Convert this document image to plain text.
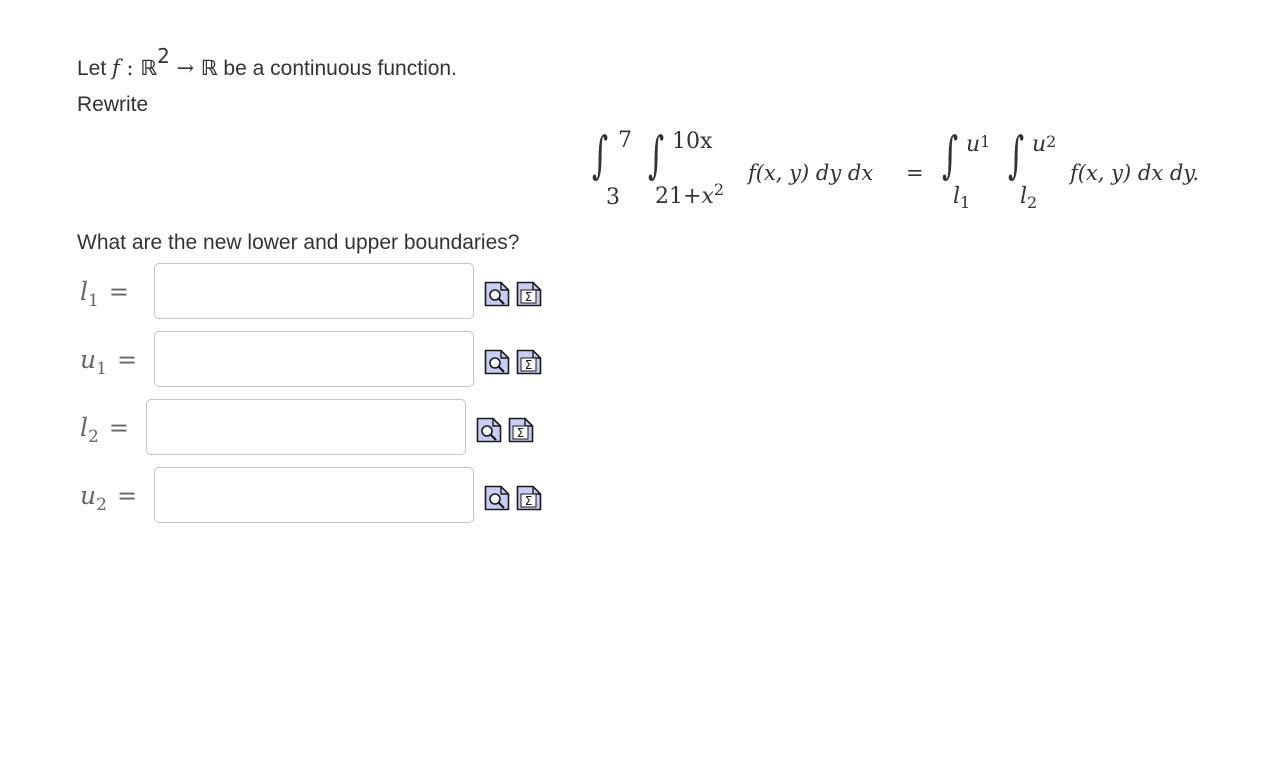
Let f : ℝ2 → ℝ be a continuous function.
Rewrite
∫ 7
3
∫ 10x
$21+x^2$
f(x, y) dy dx = ∫ u1
$l_1$
∫ u2
$l_2$
f(x, y) dx dy.
What are the new lower and upper boundaries?
$l_1$ =	Σ
$u_1$ =	Σ
$l_2$ =	Σ
$u_2$ =	Σ
